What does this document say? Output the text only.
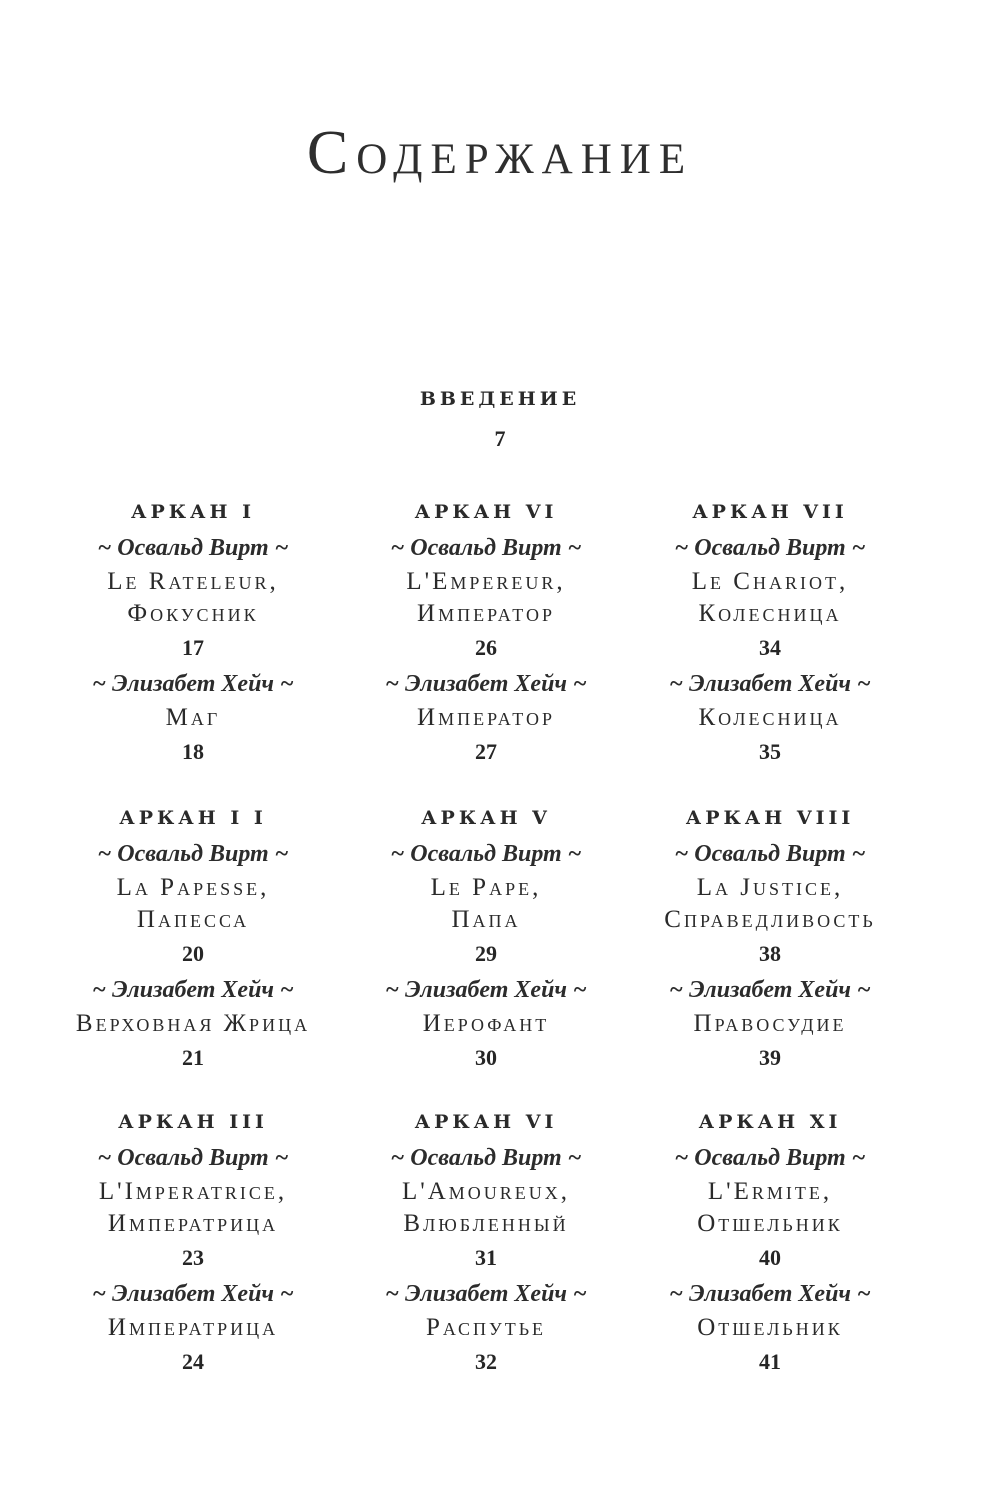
Содержание
ВВЕДЕНИЕ
7
АРКАН I
~ Освальд Вирт ~
Le Rateleur,
Фокусник
17
~ Элизабет Хейч ~
Маг
18
АРКАН VI
~ Освальд Вирт ~
L'Empereur,
Император
26
~ Элизабет Хейч ~
Император
27
АРКАН VII
~ Освальд Вирт ~
Le Chariot,
Колесница
34
~ Элизабет Хейч ~
Колесница
35
АРКАН I I
~ Освальд Вирт ~
La Papesse,
Папесса
20
~ Элизабет Хейч ~
Верховная Жрица
21
АРКАН V
~ Освальд Вирт ~
Le Pape,
Папа
29
~ Элизабет Хейч ~
Иерофант
30
АРКАН VIII
~ Освальд Вирт ~
La Justice,
Справедливость
38
~ Элизабет Хейч ~
Правосудие
39
АРКАН III
~ Освальд Вирт ~
L'Imperatrice,
Императрица
23
~ Элизабет Хейч ~
Императрица
24
АРКАН VI
~ Освальд Вирт ~
L'Amoureux,
Влюбленный
31
~ Элизабет Хейч ~
Распутье
32
АРКАН XI
~ Освальд Вирт ~
L'Ermite,
Отшельник
40
~ Элизабет Хейч ~
Отшельник
41
